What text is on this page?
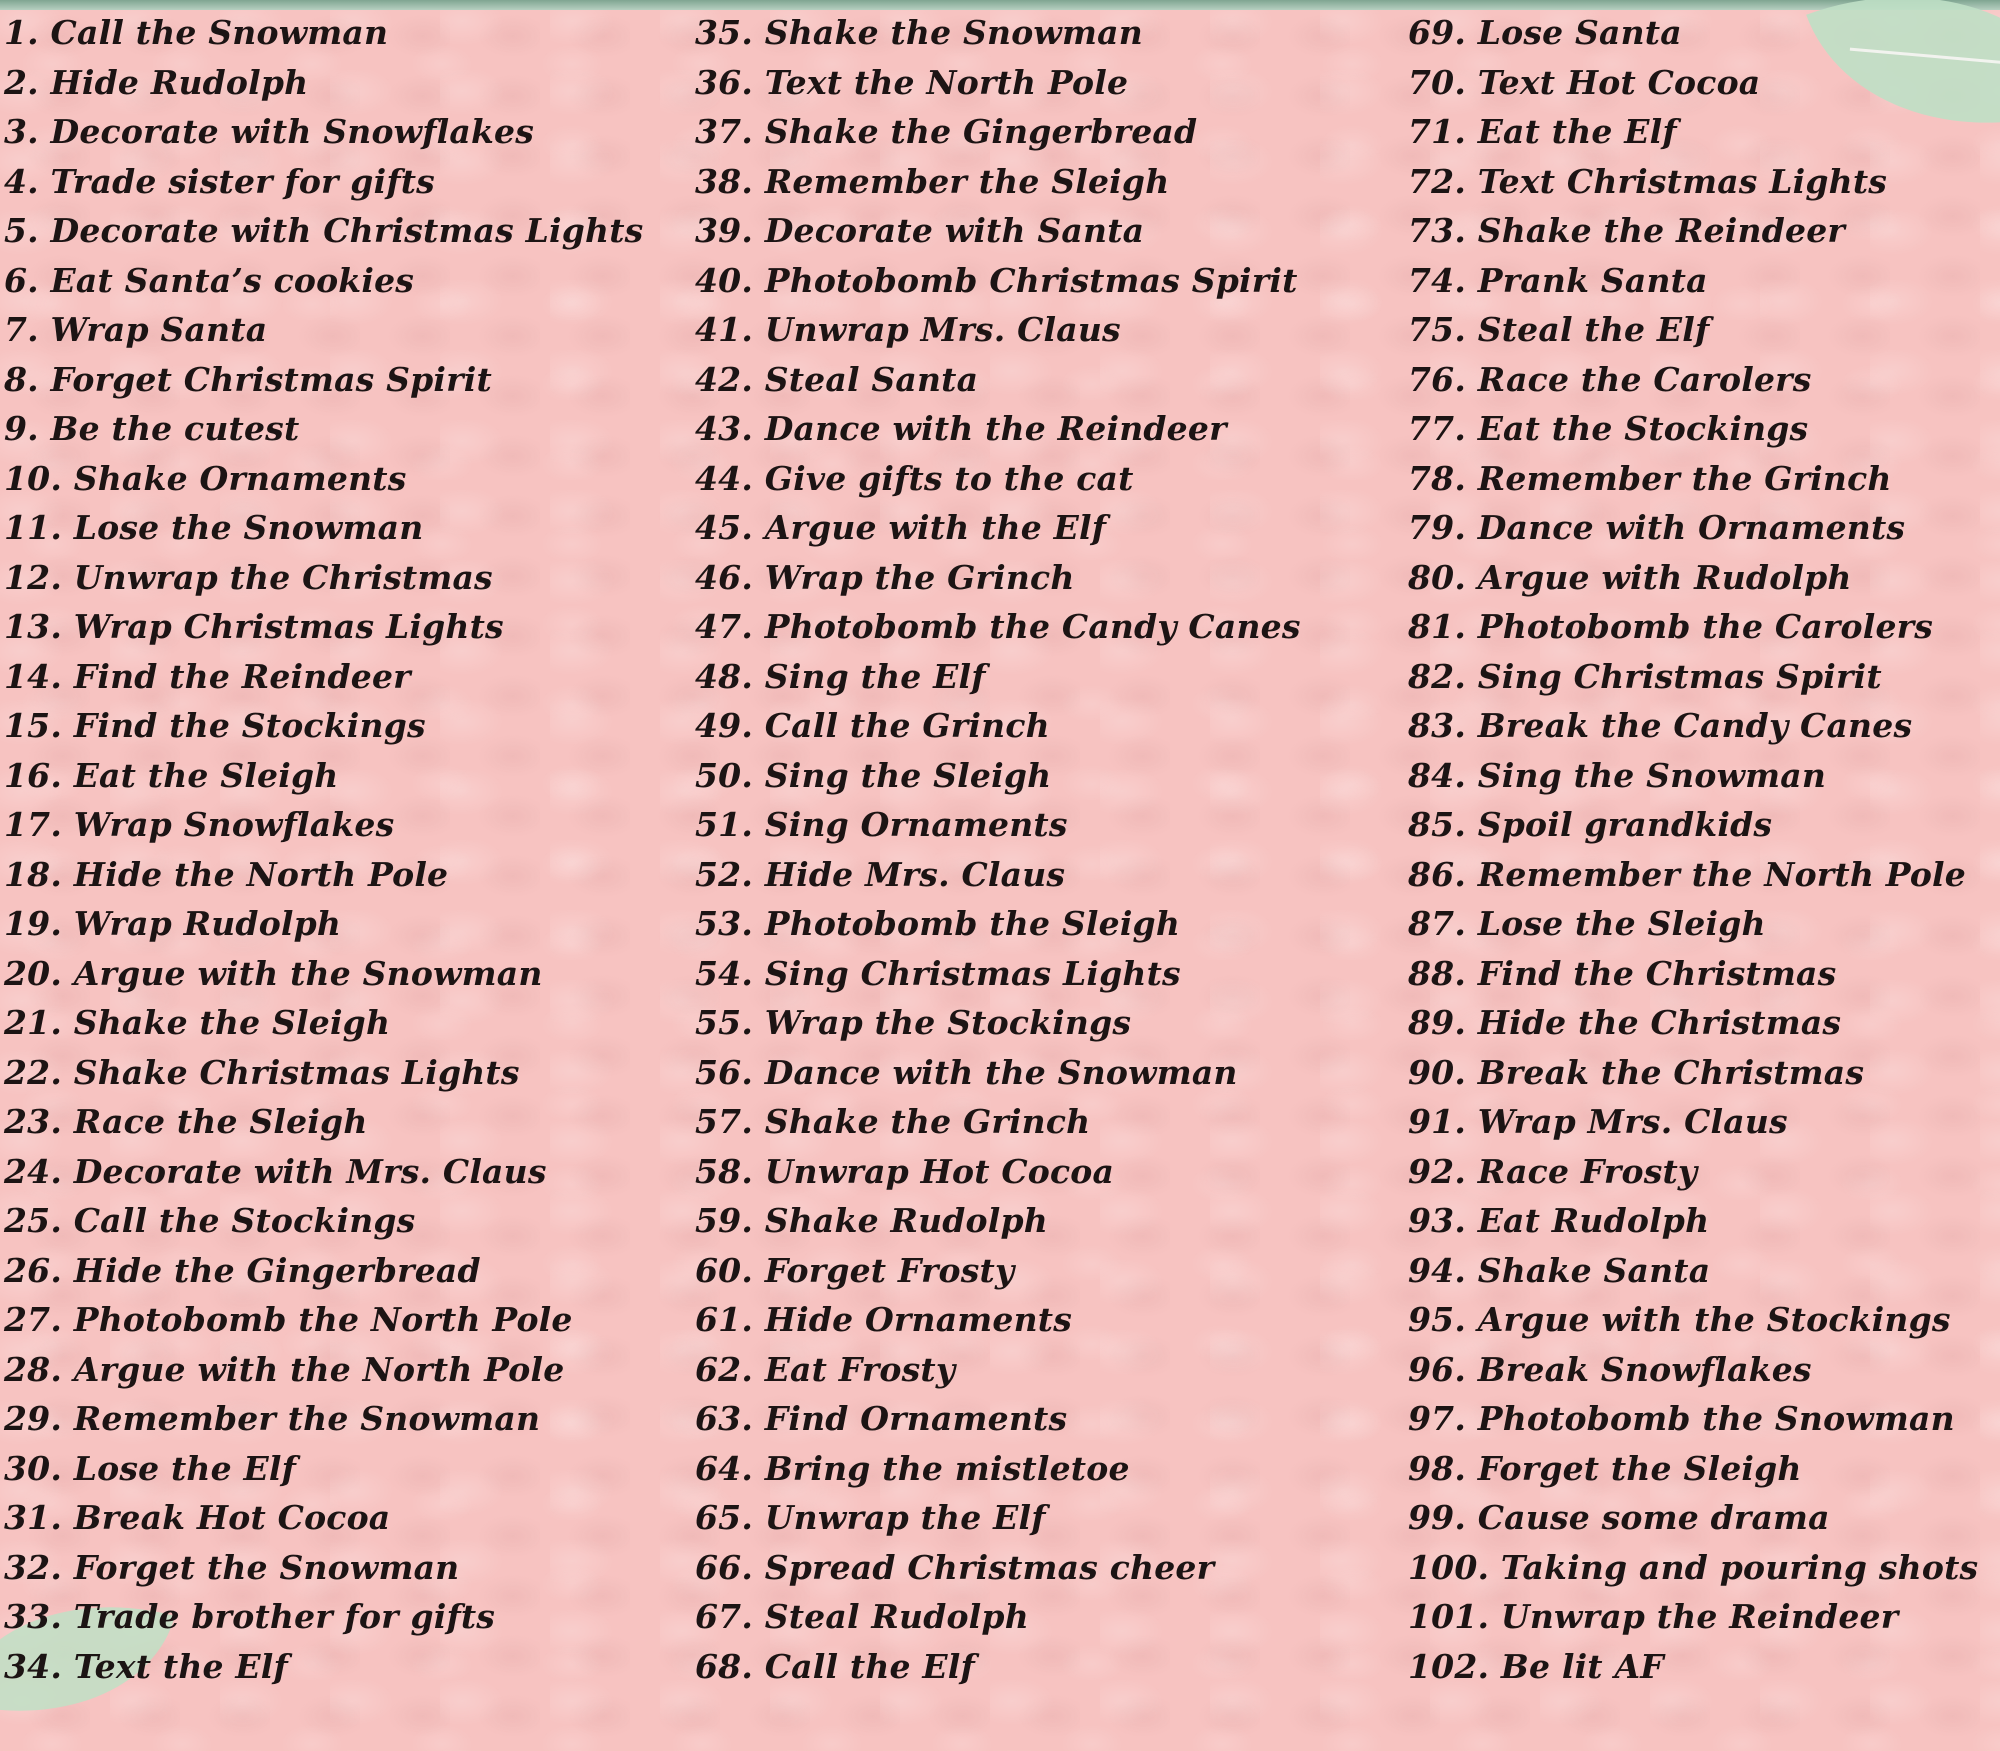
1. Call the Snowman
2. Hide Rudolph
3. Decorate with Snowflakes
4. Trade sister for gifts
5. Decorate with Christmas Lights
6. Eat Santa’s cookies
7. Wrap Santa
8. Forget Christmas Spirit
9. Be the cutest
10. Shake Ornaments
11. Lose the Snowman
12. Unwrap the Christmas
13. Wrap Christmas Lights
14. Find the Reindeer
15. Find the Stockings
16. Eat the Sleigh
17. Wrap Snowflakes
18. Hide the North Pole
19. Wrap Rudolph
20. Argue with the Snowman
21. Shake the Sleigh
22. Shake Christmas Lights
23. Race the Sleigh
24. Decorate with Mrs. Claus
25. Call the Stockings
26. Hide the Gingerbread
27. Photobomb the North Pole
28. Argue with the North Pole
29. Remember the Snowman
30. Lose the Elf
31. Break Hot Cocoa
32. Forget the Snowman
33. Trade brother for gifts
34. Text the Elf
35. Shake the Snowman
36. Text the North Pole
37. Shake the Gingerbread
38. Remember the Sleigh
39. Decorate with Santa
40. Photobomb Christmas Spirit
41. Unwrap Mrs. Claus
42. Steal Santa
43. Dance with the Reindeer
44. Give gifts to the cat
45. Argue with the Elf
46. Wrap the Grinch
47. Photobomb the Candy Canes
48. Sing the Elf
49. Call the Grinch
50. Sing the Sleigh
51. Sing Ornaments
52. Hide Mrs. Claus
53. Photobomb the Sleigh
54. Sing Christmas Lights
55. Wrap the Stockings
56. Dance with the Snowman
57. Shake the Grinch
58. Unwrap Hot Cocoa
59. Shake Rudolph
60. Forget Frosty
61. Hide Ornaments
62. Eat Frosty
63. Find Ornaments
64. Bring the mistletoe
65. Unwrap the Elf
66. Spread Christmas cheer
67. Steal Rudolph
68. Call the Elf
69. Lose Santa
70. Text Hot Cocoa
71. Eat the Elf
72. Text Christmas Lights
73. Shake the Reindeer
74. Prank Santa
75. Steal the Elf
76. Race the Carolers
77. Eat the Stockings
78. Remember the Grinch
79. Dance with Ornaments
80. Argue with Rudolph
81. Photobomb the Carolers
82. Sing Christmas Spirit
83. Break the Candy Canes
84. Sing the Snowman
85. Spoil grandkids
86. Remember the North Pole
87. Lose the Sleigh
88. Find the Christmas
89. Hide the Christmas
90. Break the Christmas
91. Wrap Mrs. Claus
92. Race Frosty
93. Eat Rudolph
94. Shake Santa
95. Argue with the Stockings
96. Break Snowflakes
97. Photobomb the Snowman
98. Forget the Sleigh
99. Cause some drama
100. Taking and pouring shots
101. Unwrap the Reindeer
102. Be lit AF
